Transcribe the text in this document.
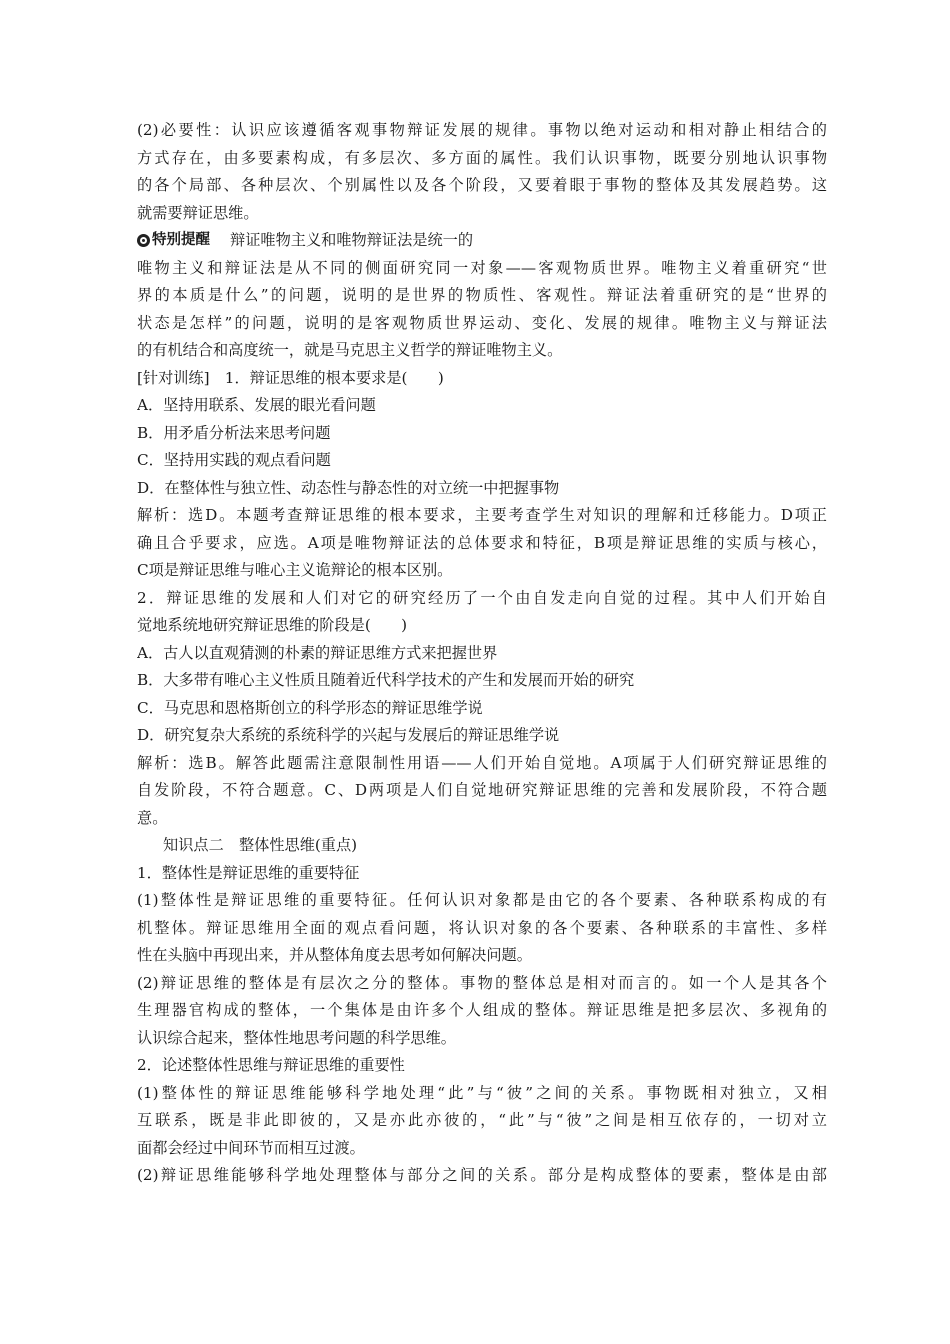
(2)必要性：认识应该遵循客观事物辩证发展的规律。事物以绝对运动和相对静止相结合的
方式存在，由多要素构成，有多层次、多方面的属性。我们认识事物，既要分别地认识事物
的各个局部、各种层次、个别属性以及各个阶段，又要着眼于事物的整体及其发展趋势。这
就需要辩证思维。
特别提醒 辩证唯物主义和唯物辩证法是统一的
唯物主义和辩证法是从不同的侧面研究同一对象——客观物质世界。唯物主义着重研究“世
界的本质是什么”的问题，说明的是世界的物质性、客观性。辩证法着重研究的是“世界的
状态是怎样”的问题，说明的是客观物质世界运动、变化、发展的规律。唯物主义与辩证法
的有机结合和高度统一，就是马克思主义哲学的辩证唯物主义。
[针对训练]　1．辩证思维的根本要求是(　　)
A．坚持用联系、发展的眼光看问题
B．用矛盾分析法来思考问题
C．坚持用实践的观点看问题
D．在整体性与独立性、动态性与静态性的对立统一中把握事物
解析：选D。本题考查辩证思维的根本要求，主要考查学生对知识的理解和迁移能力。D项正
确且合乎要求，应选。A项是唯物辩证法的总体要求和特征，B项是辩证思维的实质与核心，
C项是辩证思维与唯心主义诡辩论的根本区别。
2．辩证思维的发展和人们对它的研究经历了一个由自发走向自觉的过程。其中人们开始自
觉地系统地研究辩证思维的阶段是(　　)
A．古人以直观猜测的朴素的辩证思维方式来把握世界
B．大多带有唯心主义性质且随着近代科学技术的产生和发展而开始的研究
C．马克思和恩格斯创立的科学形态的辩证思维学说
D．研究复杂大系统的系统科学的兴起与发展后的辩证思维学说
解析：选B。解答此题需注意限制性用语——人们开始自觉地。A项属于人们研究辩证思维的
自发阶段，不符合题意。C、D两项是人们自觉地研究辩证思维的完善和发展阶段，不符合题
意。
知识点二　整体性思维(重点)
1．整体性是辩证思维的重要特征
(1)整体性是辩证思维的重要特征。任何认识对象都是由它的各个要素、各种联系构成的有
机整体。辩证思维用全面的观点看问题，将认识对象的各个要素、各种联系的丰富性、多样
性在头脑中再现出来，并从整体角度去思考如何解决问题。
(2)辩证思维的整体是有层次之分的整体。事物的整体总是相对而言的。如一个人是其各个
生理器官构成的整体，一个集体是由许多个人组成的整体。辩证思维是把多层次、多视角的
认识综合起来，整体性地思考问题的科学思维。
2．论述整体性思维与辩证思维的重要性
(1)整体性的辩证思维能够科学地处理“此”与“彼”之间的关系。事物既相对独立，又相
互联系，既是非此即彼的，又是亦此亦彼的，“此”与“彼”之间是相互依存的，一切对立
面都会经过中间环节而相互过渡。
(2)辩证思维能够科学地处理整体与部分之间的关系。部分是构成整体的要素，整体是由部
